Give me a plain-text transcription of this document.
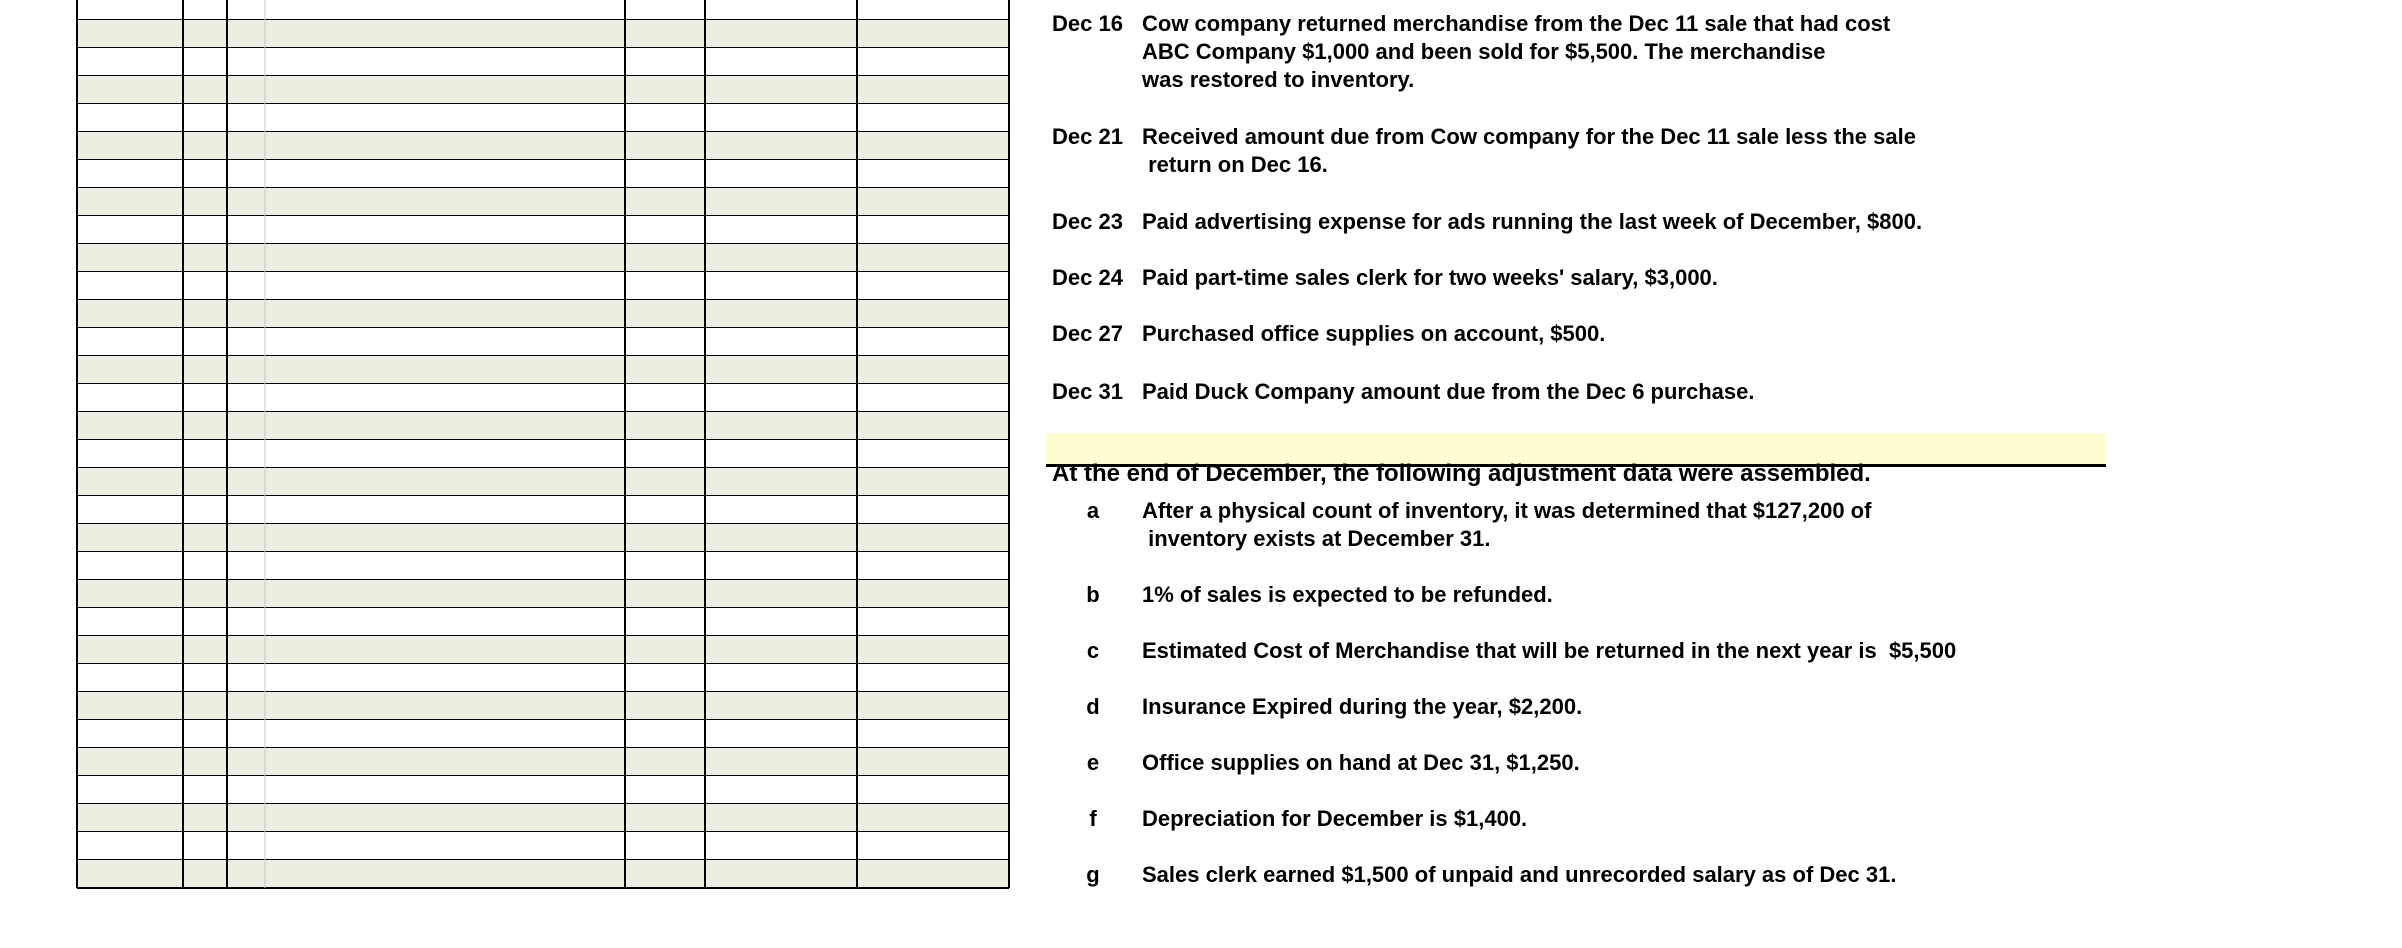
Dec 16 Cow company returned merchandise from the Dec 11 sale that had cost

ABC Company $1,000 and been sold for $5,500. The merchandise

was restored to inventory.

Dec 21 Received amount due from Cow company for the Dec 11 sale less the sale

return on Dec 16.

Dec 23 Paid advertising expense for ads running the last week of December, $800.

Dec 24 Paid part-time sales clerk for two weeks' salary, $3,000.

Dec 27 Purchased office supplies on account, $500.

Dec 31 Paid Duck Company amount due from the Dec 6 purchase.

At the end of December, the following adjustment data were assembled.

a After a physical count of inventory, it was determined that $127,200 of

inventory exists at December 31.

b 1% of sales is expected to be refunded.

c Estimated Cost of Merchandise that will be returned in the next year is  $5,500

d Insurance Expired during the year, $2,200.

e Office supplies on hand at Dec 31, $1,250.

f Depreciation for December is $1,400.

g Sales clerk earned $1,500 of unpaid and unrecorded salary as of Dec 31.
